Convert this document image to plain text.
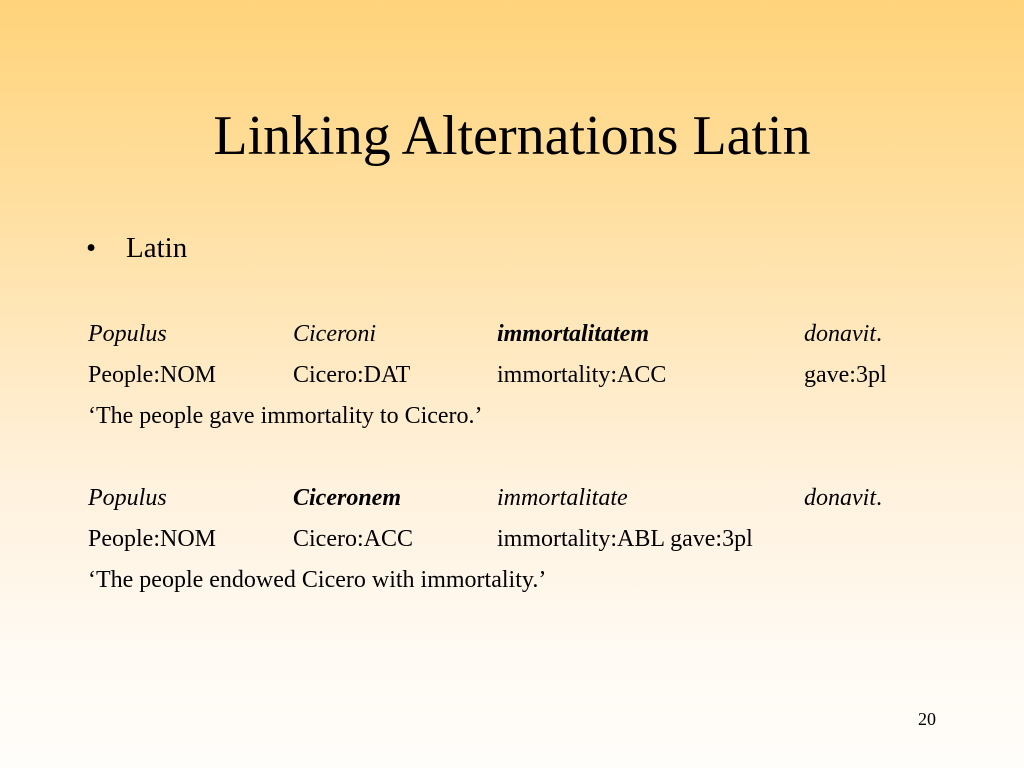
Linking Alternations Latin
• Latin
Populus	Ciceroni	immortalitatem	donavit.
People:NOM	Cicero:DAT	immortality:ACC	gave:3pl
‘The people gave immortality to Cicero.’
Populus	Ciceronem	immortalitate	donavit.
People:NOM	Cicero:ACC	immortality:ABL gave:3pl
‘The people endowed Cicero with immortality.’
20
